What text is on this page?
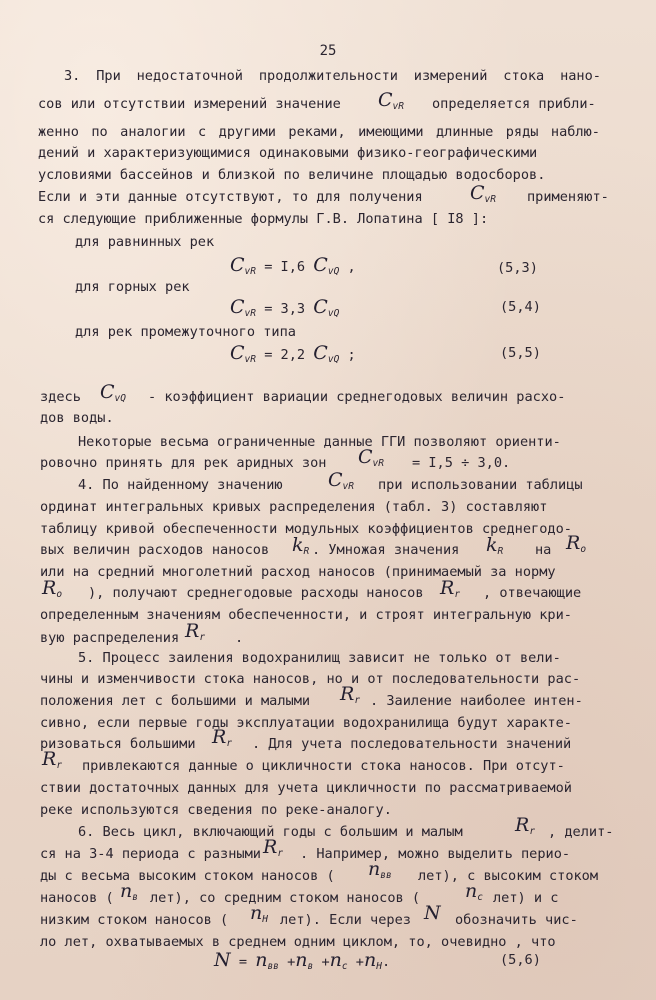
25
3. При недостаточной продолжительности измерений стока нано-
сов или отсутствии измерений значение $C_{vR}$ определяется прибли-
женно по аналогии с другими реками, имеющими длинные ряды наблю-
дений и характеризующимися одинаковыми физико-географическими
условиями бассейнов и близкой по величине площадью водосборов.
Если и эти данные отсутствуют, то для получения $C_{vR}$ применяют-
ся следующие приближенные формулы Г.В. Лопатина [ I8 ]:
для равнинных рек
$C_{vR} = I,6$ $C_{vQ}$ ,	(5,3)
для горных рек
$C_{vR} = 3,3$ $C_{vQ}$	(5,4)
для рек промежуточного типа
$C_{vR} = 2,2$ $C_{vQ}$ ;	(5,5)
здесь $C_{vQ}$ - коэффициент вариации среднегодовых величин расхо-
дов воды.
Некоторые весьма ограниченные данные ГГИ позволяют ориенти-
ровочно принять для рек аридных зон $C_{vR} = I,5 \div 3,0$.
4. По найденному значению $C_{vR}$ при использовании таблицы
ординат интегральных кривых распределения (табл. 3) составляют
таблицу кривой обеспеченности модульных коэффициентов среднегодо-
вых величин расходов наносов $k_R$ . Умножая значения $k_R$ на $R_o$
или на средний многолетний расход наносов (принимаемый за норму
$R_o$ ), получают среднегодовые расходы наносов $R_r$ , отвечающие
определенным значениям обеспеченности, и строят интегральную кри-
вую распределения $R_r$ .
5. Процесс заиления водохранилищ зависит не только от вели-
чины и изменчивости стока наносов, но и от последовательности рас-
положения лет с большими и малыми $R_r$ . Заиление наиболее интен-
сивно, если первые годы эксплуатации водохранилища будут характе-
ризоваться большими $R_r$ . Для учета последовательности значений
$R_r$ привлекаются данные о цикличности стока наносов. При отсут-
ствии достаточных данных для учета цикличности по рассматриваемой
реке используются сведения по реке-аналогу.
6. Весь цикл, включающий годы с большим и малым	$R_r$ , делит-
ся на 3-4 периода с разными $R_r$ . Например, можно выделить перио-
ды с весьма высоким стоком наносов ( $n_{вв}$ лет), с высоким стоком
наносов ( $n_в$ лет), со средним стоком наносов ( $n_c$ лет) и с
низким стоком наносов ( $n_H$ лет). Если через N обозначить чис-
ло лет, охватываемых в среднем одним циклом, то, очевидно , что
$N = n_{вв} +n_в +n_c +n_H$.	(5,6)
